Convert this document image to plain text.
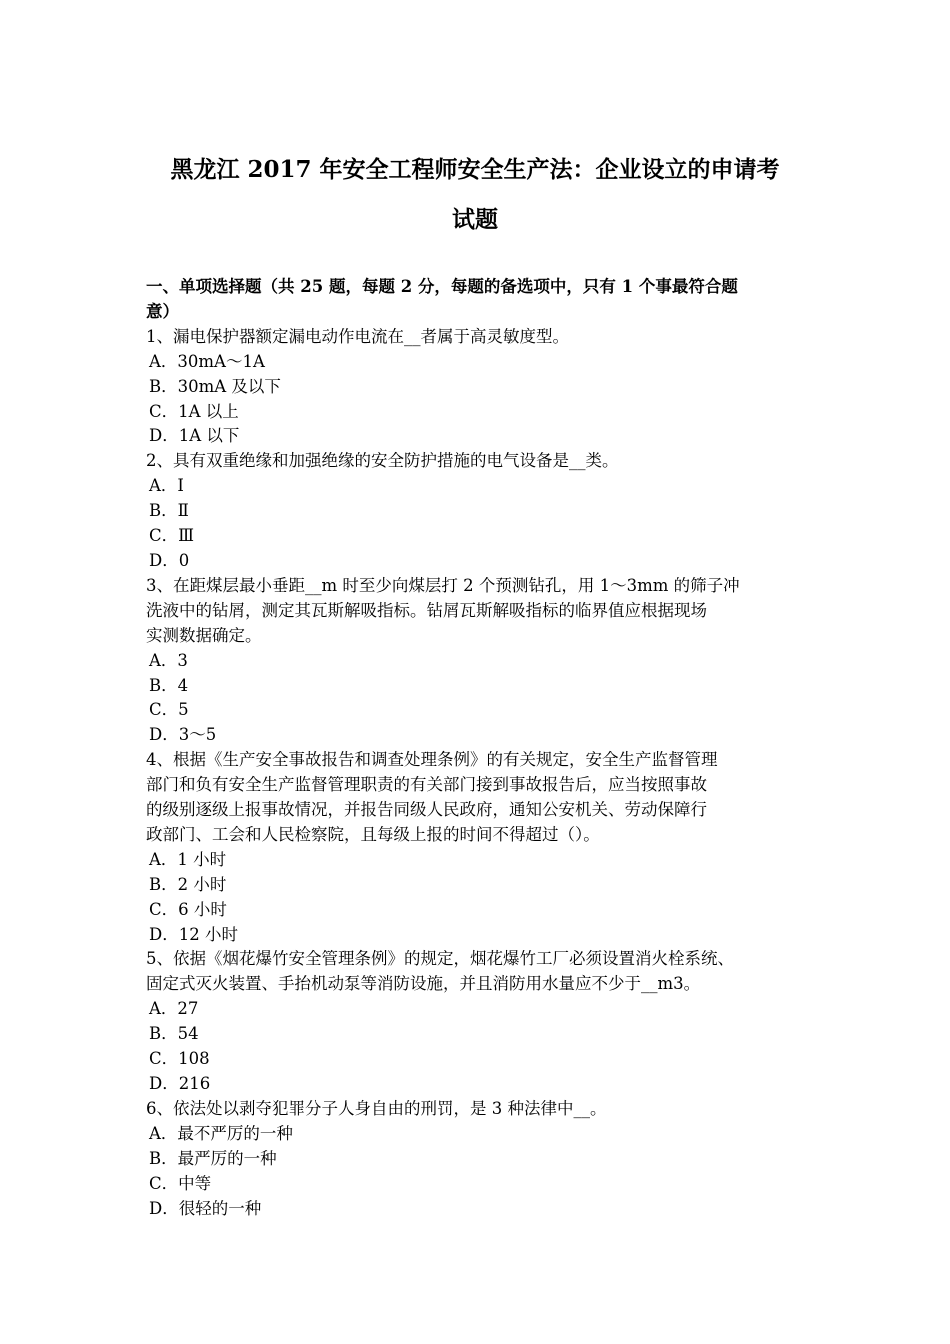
黑龙江 2017 年安全工程师安全生产法：企业设立的申请考
试题
一、单项选择题（共 25 题，每题 2 分，每题的备选项中，只有 1 个事最符合题
意）
1、漏电保护器额定漏电动作电流在__者属于高灵敏度型。
A．30mA～1A
B．30mA 及以下
C．1A 以上
D．1A 以下
2、具有双重绝缘和加强绝缘的安全防护措施的电气设备是__类。
A．Ⅰ
B．Ⅱ
C．Ⅲ
D．0
3、在距煤层最小垂距__m 时至少向煤层打 2 个预测钻孔，用 1～3mm 的筛子冲
洗液中的钻屑，测定其瓦斯解吸指标。钻屑瓦斯解吸指标的临界值应根据现场
实测数据确定。
A．3
B．4
C．5
D．3～5
4、根据《生产安全事故报告和调查处理条例》的有关规定，安全生产监督管理
部门和负有安全生产监督管理职责的有关部门接到事故报告后，应当按照事故
的级别逐级上报事故情况，并报告同级人民政府，通知公安机关、劳动保障行
政部门、工会和人民检察院，且每级上报的时间不得超过（）。
A．1 小时
B．2 小时
C．6 小时
D．12 小时
5、依据《烟花爆竹安全管理条例》的规定，烟花爆竹工厂必须设置消火栓系统、
固定式灭火装置、手抬机动泵等消防设施，并且消防用水量应不少于__m3。
A．27
B．54
C．108
D．216
6、依法处以剥夺犯罪分子人身自由的刑罚，是 3 种法律中__。
A．最不严厉的一种
B．最严厉的一种
C．中等
D．很轻的一种
